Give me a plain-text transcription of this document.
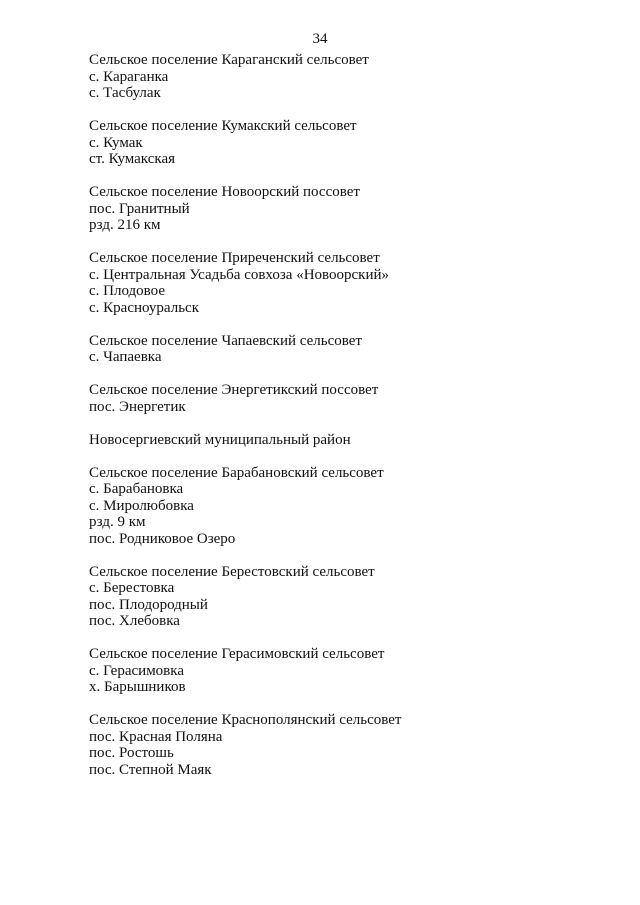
34
Сельское поселение Караганский сельсовет
с. Караганка
с. Тасбулак
Сельское поселение Кумакский сельсовет
с. Кумак
ст. Кумакская
Сельское поселение Новоорский поссовет
пос. Гранитный
рзд. 216 км
Сельское поселение Приреченский сельсовет
с. Центральная Усадьба совхоза «Новоорский»
с. Плодовое
с. Красноуральск
Сельское поселение Чапаевский сельсовет
с. Чапаевка
Сельское поселение Энергетикский поссовет
пос. Энергетик
Новосергиевский муниципальный район
Сельское поселение Барабановский сельсовет
с. Барабановка
с. Миролюбовка
рзд. 9 км
пос. Родниковое Озеро
Сельское поселение Берестовский сельсовет
с. Берестовка
пос. Плодородный
пос. Хлебовка
Сельское поселение Герасимовский сельсовет
с. Герасимовка
х. Барышников
Сельское поселение Краснополянский сельсовет
пос. Красная Поляна
пос. Ростошь
пос. Степной Маяк
